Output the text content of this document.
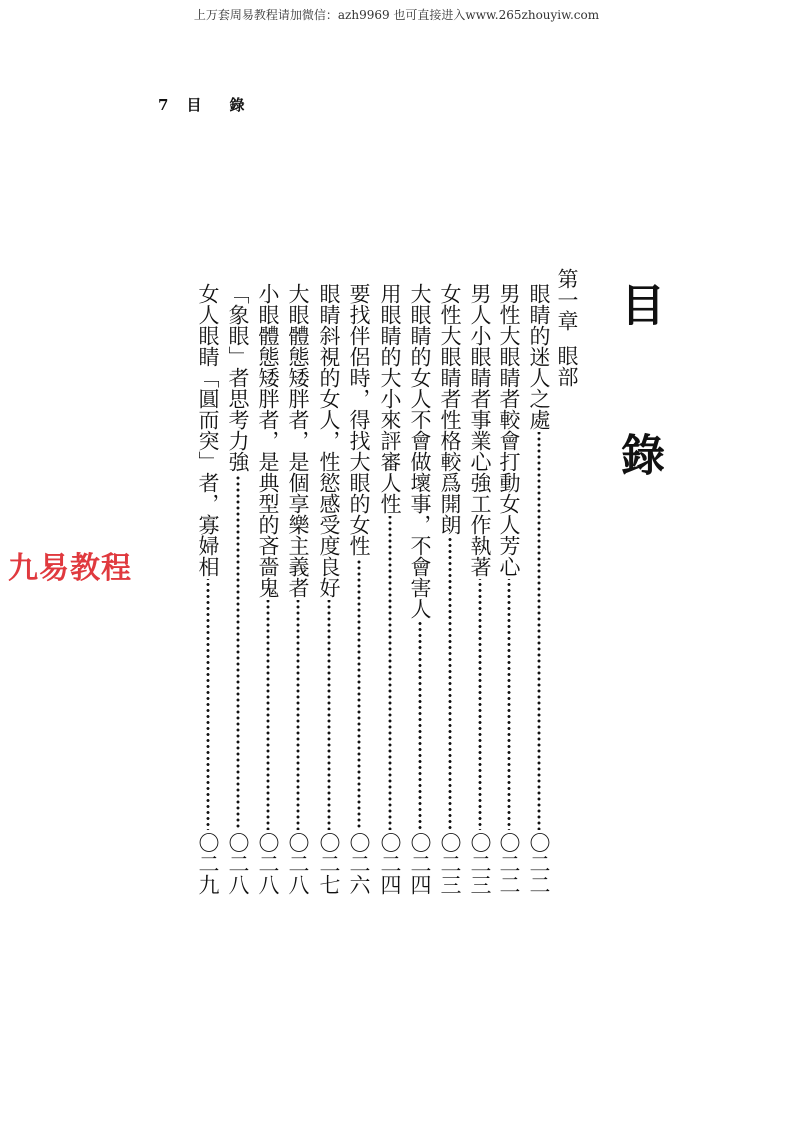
上万套周易教程请加微信：azh9969 也可直接进入www.265zhouyiw.com
7 目 錄
九易教程
目
錄
第一章眼部
眼睛的迷人之處
〇二二
男性大眼睛者較會打動女人芳心
〇二二
男人小眼睛者事業心強工作執著
〇二三
女性大眼睛者性格較爲開朗
〇二三
大眼睛的女人不會做壞事，不會害人
〇二四
用眼睛的大小來評審人性
〇二四
要找伴侶時，得找大眼的女性
〇二六
眼睛斜視的女人，性慾感受度良好
〇二七
大眼體態矮胖者，是個享樂主義者
〇二八
小眼體態矮胖者，是典型的吝嗇鬼
〇二八
「象眼」者思考力強
〇二八
女人眼睛「圓而突」者，寡婦相
〇二九
